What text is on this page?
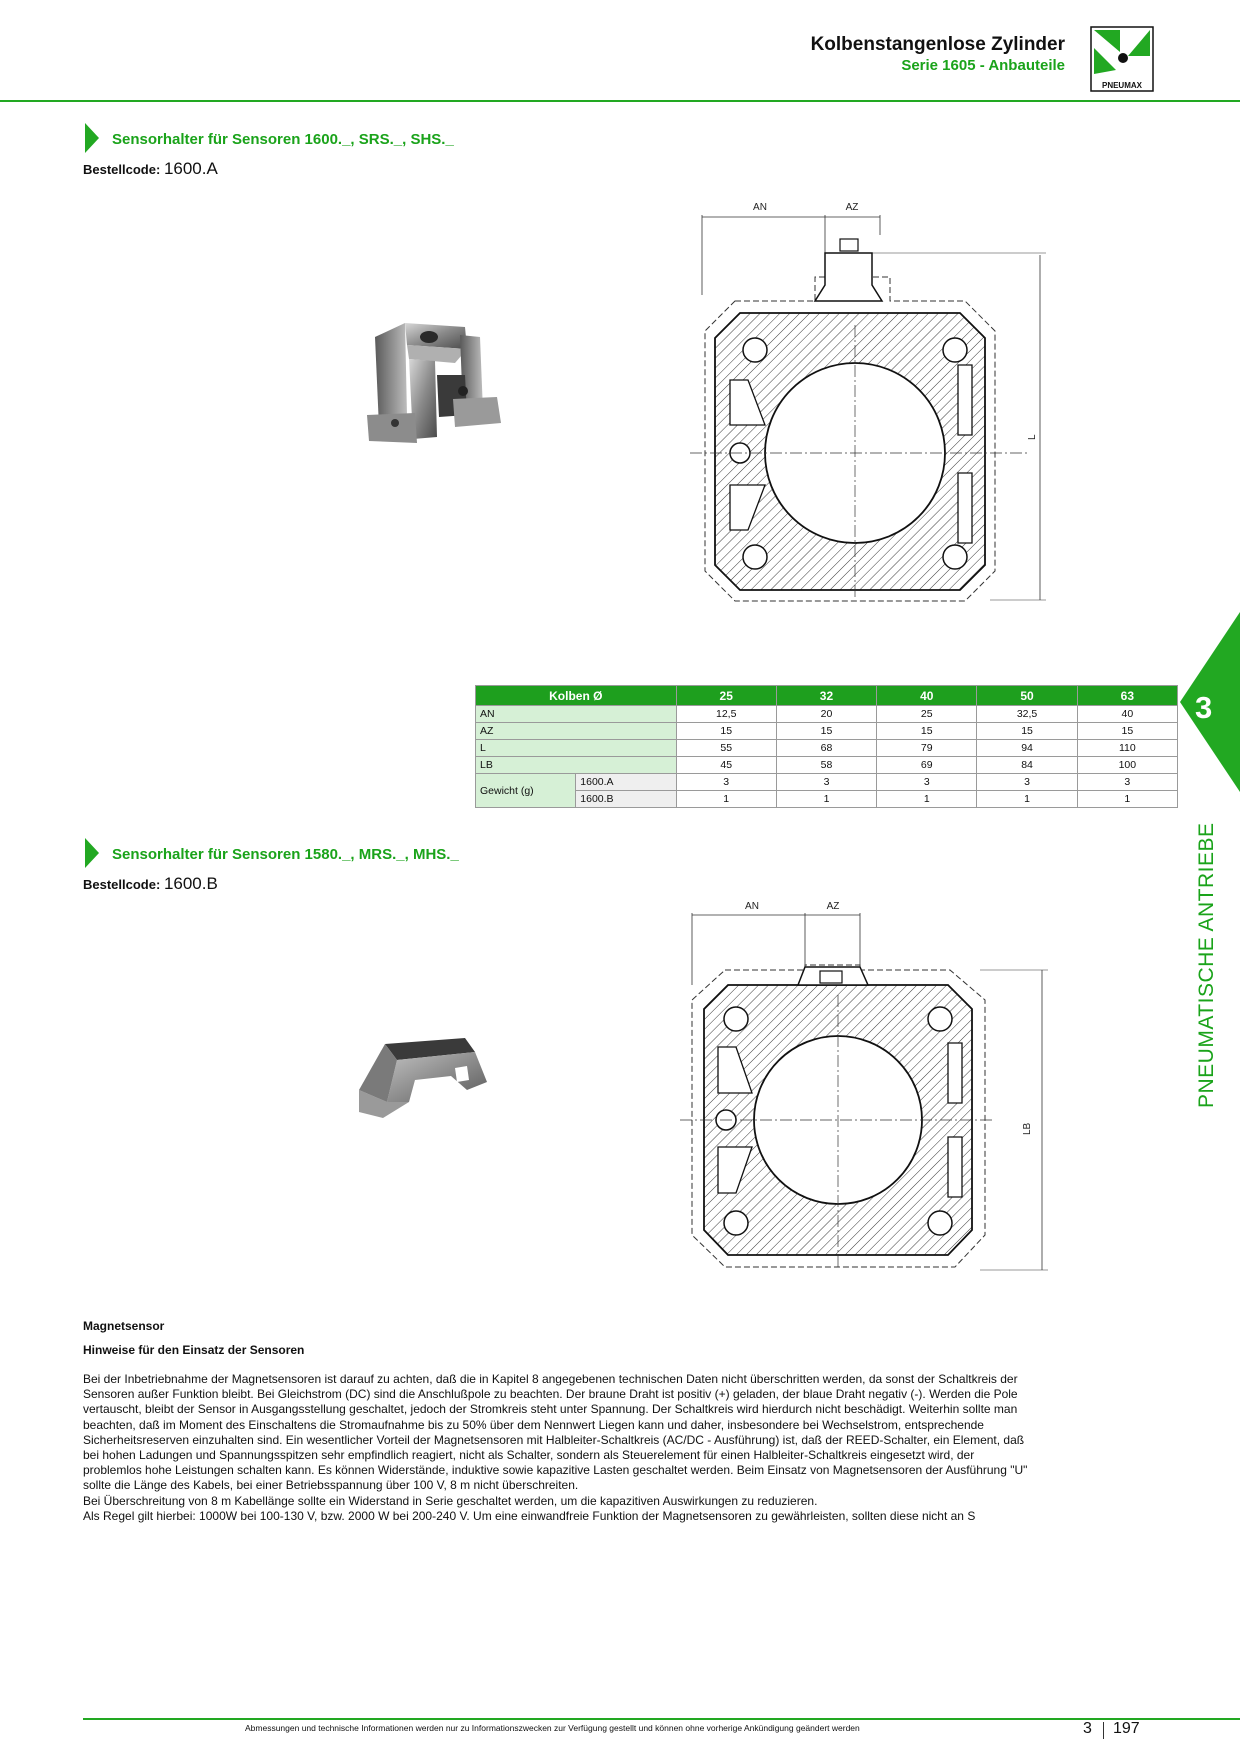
Kolbenstangenlose Zylinder
Serie 1605 - Anbauteile
PNEUMAX
Sensorhalter für Sensoren 1600._, SRS._, SHS._
Bestellcode: 1600.A
AN	AZ
L
Kolben Ø		25	32	40	50	63
AN		12,5	20	25	32,5	40
AZ		15	15	15	15	15
L		55	68	79	94	110
LB		45	58	69	84	100
Gewicht (g)	1600.A	3	3	3	3	3
	1600.B	1	1	1	1	1
Sensorhalter für Sensoren 1580._, MRS._, MHS._
Bestellcode: 1600.B
AN	AZ
LB
3
PNEUMATISCHE ANTRIEBE
Magnetsensor
Hinweise für den Einsatz der Sensoren
Bei der Inbetriebnahme der Magnetsensoren ist darauf zu achten, daß die in Kapitel 8 angegebenen technischen Daten nicht überschritten werden, da sonst der Schaltkreis der
Sensoren außer Funktion bleibt. Bei Gleichstrom (DC) sind die Anschlußpole zu beachten. Der braune Draht ist positiv (+) geladen, der blaue Draht negativ (-). Werden die Pole
vertauscht, bleibt der Sensor in Ausgangsstellung geschaltet, jedoch der Stromkreis steht unter Spannung. Der Schaltkreis wird hierdurch nicht beschädigt. Weiterhin sollte man
beachten, daß im Moment des Einschaltens die Stromaufnahme bis zu 50% über dem Nennwert Liegen kann und daher, insbesondere bei Wechselstrom, entsprechende
Sicherheitsreserven einzuhalten sind. Ein wesentlicher Vorteil der Magnetsensoren mit Halbleiter-Schaltkreis (AC/DC - Ausführung) ist, daß der REED-Schalter, ein Element, daß
bei hohen Ladungen und Spannungsspitzen sehr empfindlich reagiert, nicht als Schalter, sondern als Steuerelement für einen Halbleiter-Schaltkreis eingesetzt wird, der
problemlos hohe Leistungen schalten kann. Es können Widerstände, induktive sowie kapazitive Lasten geschaltet werden. Beim Einsatz von Magnetsensoren der Ausführung "U"
sollte die Länge des Kabels, bei einer Betriebsspannung über 100 V, 8 m nicht überschreiten.
Bei Überschreitung von 8 m Kabellänge sollte ein Widerstand in Serie geschaltet werden, um die kapazitiven Auswirkungen zu reduzieren.
Als Regel gilt hierbei: 1000W bei 100-130 V, bzw. 2000 W bei 200-240 V. Um eine einwandfreie Funktion der Magnetsensoren zu gewährleisten, sollten diese nicht an S
Abmessungen und technische Informationen werden nur zu Informationszwecken zur Verfügung gestellt und können ohne vorherige Ankündigung geändert werden	3 197
